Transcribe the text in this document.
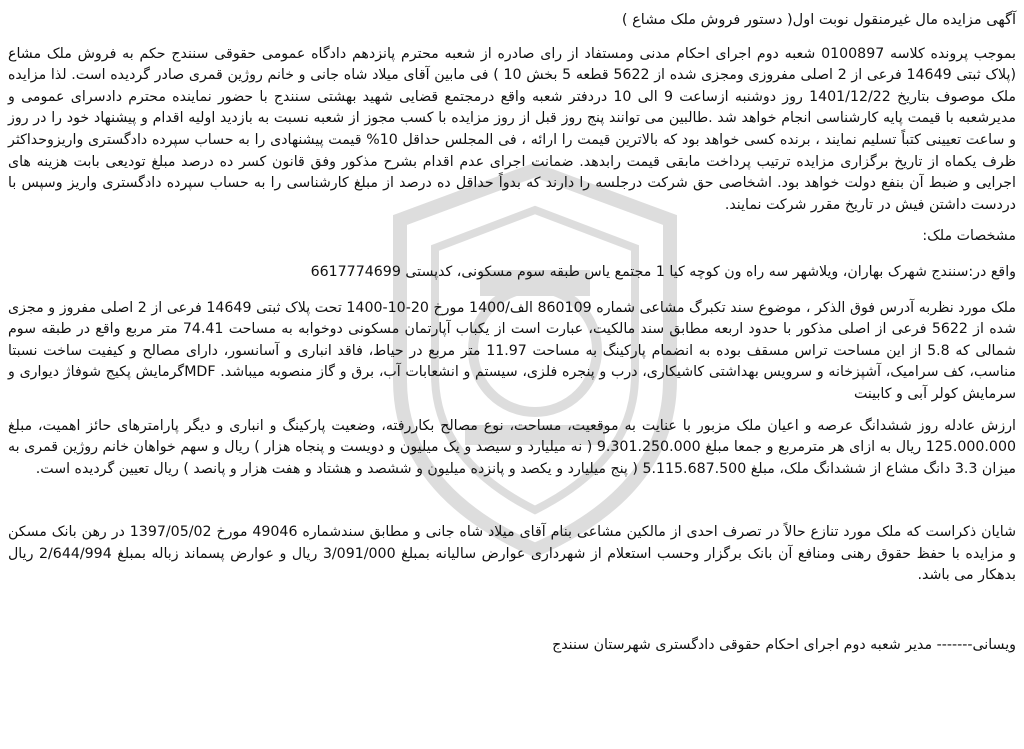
آگهی مزایده مال غیرمنقول نوبت اول( دستور فروش ملک مشاع )

بموجب پرونده کلاسه 0100897 شعبه دوم اجرای احکام مدنی ومستفاد از رای صادره از شعبه محترم پانزدهم دادگاه عمومی حقوقی سنندج حکم به فروش ملک مشاع (پلاک ثبتی 14649 فرعی از 2 اصلی مفروزی ومجزی شده از 5622 قطعه 5 بخش 10 ) فی مابین آقای میلاد شاه جانی و خانم روژین قمری صادر گردیده است. لذا مزایده ملک موصوف بتاریخ 1401/12/22 روز دوشنبه ازساعت 9 الی 10 دردفتر شعبه واقع درمجتمع قضایی شهید بهشتی سنندج با حضور نماینده محترم دادسرای عمومی و مدیرشعبه با قیمت پایه کارشناسی انجام خواهد شد .طالبین می توانند پنج روز قبل از روز مزایده با کسب مجوز از شعبه نسبت به بازدید اولیه اقدام و پیشنهاد خود را در روز و ساعت تعیینی کتباً تسلیم نمایند ، برنده کسی خواهد بود که بالاترین قیمت را ارائه ، فی المجلس حداقل 10% قیمت پیشنهادی را به حساب سپرده دادگستری واریزوحداکثر ظرف یکماه از تاریخ برگزاری مزایده ترتیب پرداخت مابقی قیمت رابدهد. ضمانت اجرای عدم اقدام بشرح مذکور وفق قانون کسر ده درصد مبلغ تودیعی بابت هزینه های اجرایی و ضبط آن بنفع دولت خواهد بود. اشخاصی حق شرکت درجلسه را دارند که بدواً حداقل ده درصد از مبلغ کارشناسی را به حساب سپرده دادگستری واریز وسپس با دردست داشتن فیش در تاریخ مقرر شرکت نمایند.

مشخصات ملک:

واقع در:سنندج شهرک بهاران، ویلاشهر سه راه ون کوچه کیا 1 مجتمع یاس طبقه سوم مسکونی، کدپستی 6617774699

ملک مورد نظربه آدرس فوق الذکر ، موضوع سند تکبرگ مشاعی شماره 860109 الف/1400 مورخ 20-10-1400 تحت پلاک ثبتی 14649 فرعی از 2 اصلی مفروز و مجزی شده از 5622 فرعی از اصلی مذکور با حدود اربعه مطابق سند مالکیت، عبارت است از یکباب آپارتمان مسکونی دوخوابه به مساحت 74.41 متر مربع واقع در طبقه سوم شمالی که 5.8 از این مساحت تراس مسقف بوده به انضمام پارکینگ به مساحت 11.97 متر مربع در حیاط، فاقد انباری و آسانسور، دارای مصالح و کیفیت ساخت نسبتا مناسب، کف سرامیک، آشپزخانه و سرویس بهداشتی کاشیکاری، درب و پنجره فلزی، سیستم و انشعابات آب، برق و گاز منصوبه میباشد. MDFگرمایش پکیج شوفاژ دیواری و سرمایش کولر آبی و کابینت

ارزش عادله روز ششدانگ عرصه و اعیان ملک مزبور با عنایت به موقعیت، مساحت، نوع مصالح بکاررفته، وضعیت پارکینگ و انباری و دیگر پارامترهای حائز اهمیت، مبلغ 125.000.000 ریال به ازای هر مترمربع و جمعا مبلغ 9.301.250.000 ( نه میلیارد و سیصد و یک میلیون و دویست و پنجاه هزار ) ریال و سهم خواهان خانم روژین قمری به میزان 3.3 دانگ مشاع از ششدانگ ملک، مبلغ 5.115.687.500 ( پنج میلیارد و یکصد و پانزده میلیون و ششصد و هشتاد و هفت هزار و پانصد ) ریال تعیین گردیده است.

شایان ذکراست که ملک مورد تنازع حالاً در تصرف احدی از مالکین مشاعی بنام آقای میلاد شاه جانی و مطابق سندشماره 49046 مورخ 1397/05/02 در رهن بانک مسکن و مزایده با حفظ حقوق رهنی ومنافع آن بانک برگزار وحسب استعلام از شهرداری عوارض سالیانه بمبلغ 3/091/000 ریال و عوارض پسماند زباله بمبلغ 2/644/994 ریال بدهکار می باشد.

ویسانی------- مدیر شعبه دوم اجرای احکام حقوقی دادگستری شهرستان سنندج
